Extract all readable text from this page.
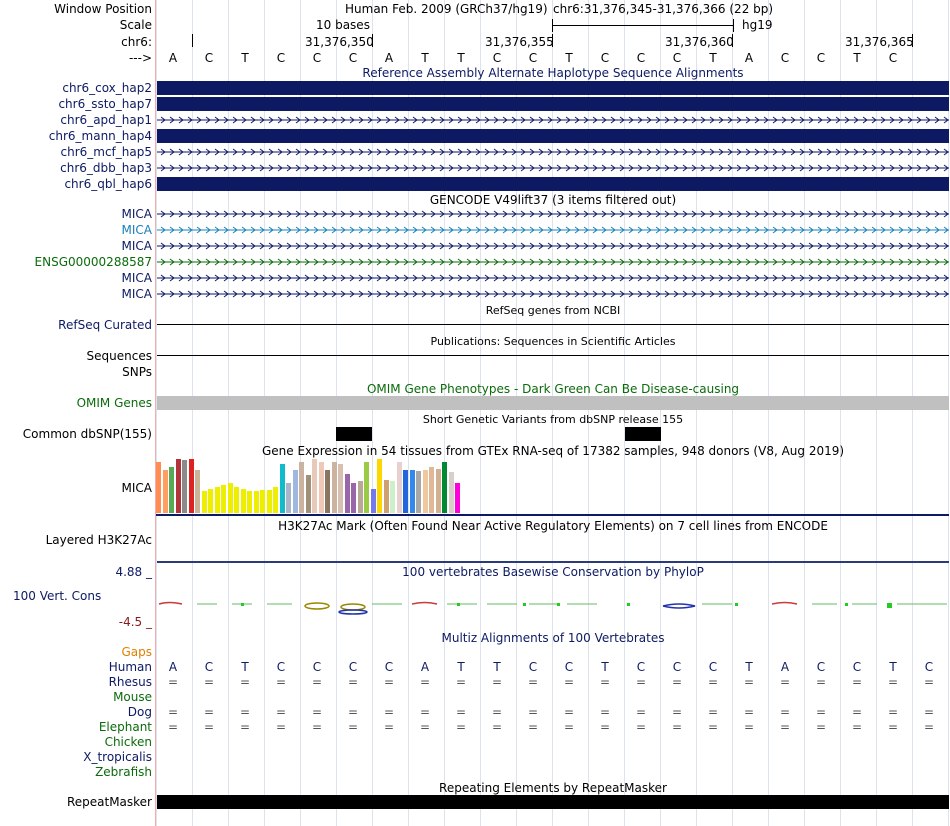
Window Position
Scale
chr6:
--->
Human Feb. 2009 (GRCh37/hg19) chr6:31,376,345-31,376,366 (22 bp)
10 bases	hg19
31,376,350	31,376,355	31,376,360	31,376,365
A C T C C C A T T C C T C C C T A C C T C
Reference Assembly Alternate Haplotype Sequence Alignments
chr6_cox_hap2
chr6_ssto_hap7
chr6_apd_hap1
chr6_mann_hap4
chr6_mcf_hap5
chr6_dbb_hap3
chr6_qbl_hap6
GENCODE V49lift37 (3 items filtered out)
MICA
MICA
MICA
ENSG00000288587
MICA
MICA
RefSeq genes from NCBI
RefSeq Curated
Publications: Sequences in Scientific Articles
Sequences
SNPs
OMIM Gene Phenotypes - Dark Green Can Be Disease-causing
OMIM Genes
Short Genetic Variants from dbSNP release 155
Common dbSNP(155)
Gene Expression in 54 tissues from GTEx RNA-seq of 17382 samples, 948 donors (V8, Aug 2019)
MICA
H3K27Ac Mark (Often Found Near Active Regulatory Elements) on 7 cell lines from ENCODE
Layered H3K27Ac
4.88 _	100 vertebrates Basewise Conservation by PhyloP
100 Vert. Cons
-4.5 _
Multiz Alignments of 100 Vertebrates
Gaps
Human A C T C C C C A T T C C T C C C T A C C T C
Rhesus = = = = = = = = = = = = = = = = = = = = = =
Mouse
Dog = = = = = = = = = = = = = = = = = = = = = =
Elephant = = = = = = = = = = = = = = = = = = = = = =
Chicken
X_tropicalis
Zebrafish
Repeating Elements by RepeatMasker
RepeatMasker
